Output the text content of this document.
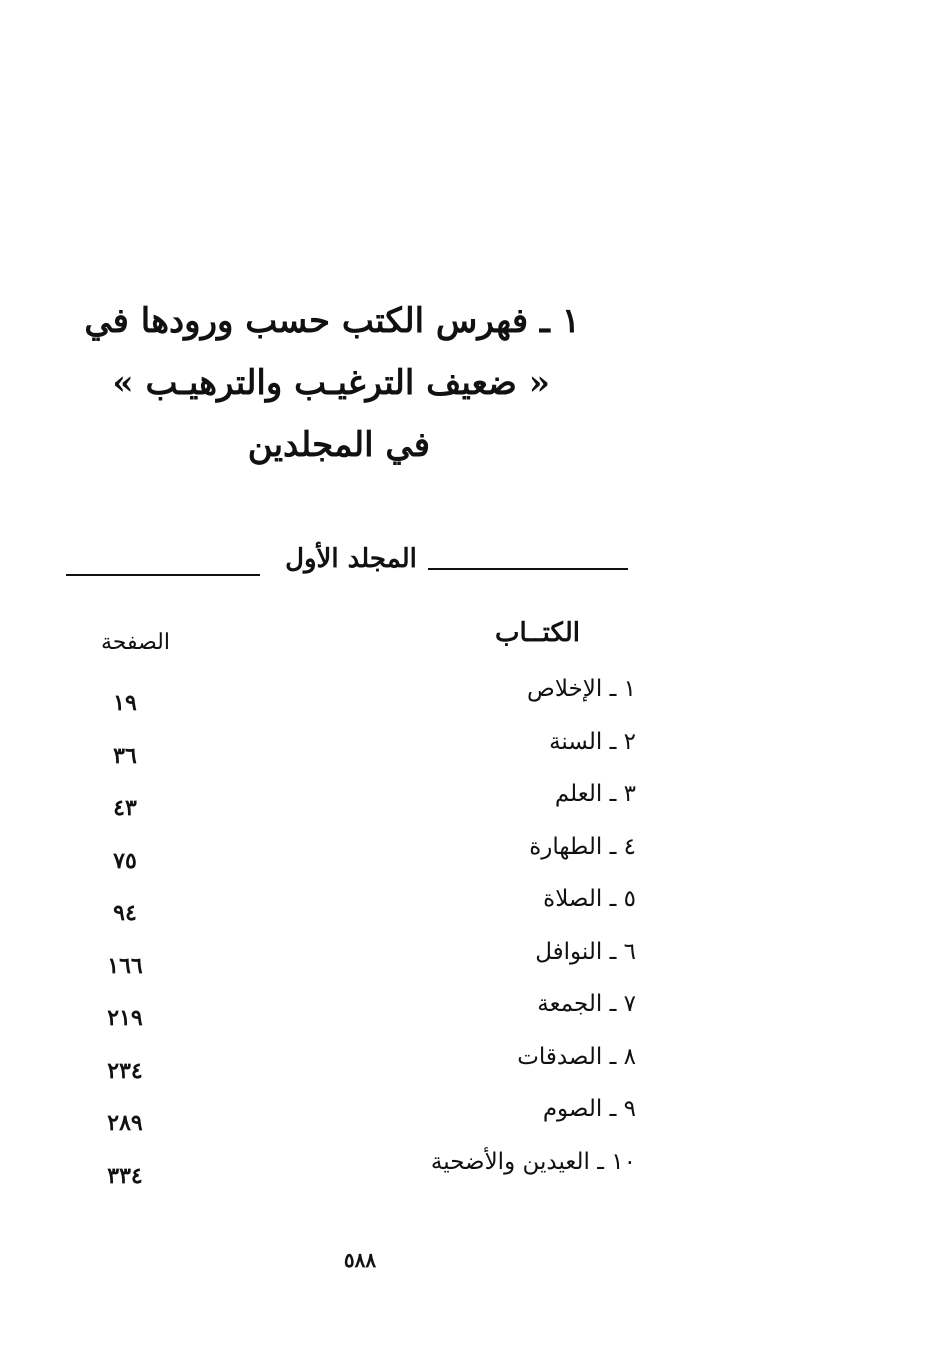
١ ـ فهرس الكتب حسب ورودها في
« ضعيف الترغيـب والترهيـب »
في المجلدين
المجلد الأول
الكتــاب
الصفحة
١ ـ الإخلاص
١٩
٢ ـ السنة
٣٦
٣ ـ العلم
٤٣
٤ ـ الطهارة
٧٥
٥ ـ الصلاة
٩٤
٦ ـ النوافل
١٦٦
٧ ـ الجمعة
٢١٩
٨ ـ الصدقات
٢٣٤
٩ ـ الصوم
٢٨٩
١٠ ـ العيدين والأضحية
٣٣٤
٥٨٨
